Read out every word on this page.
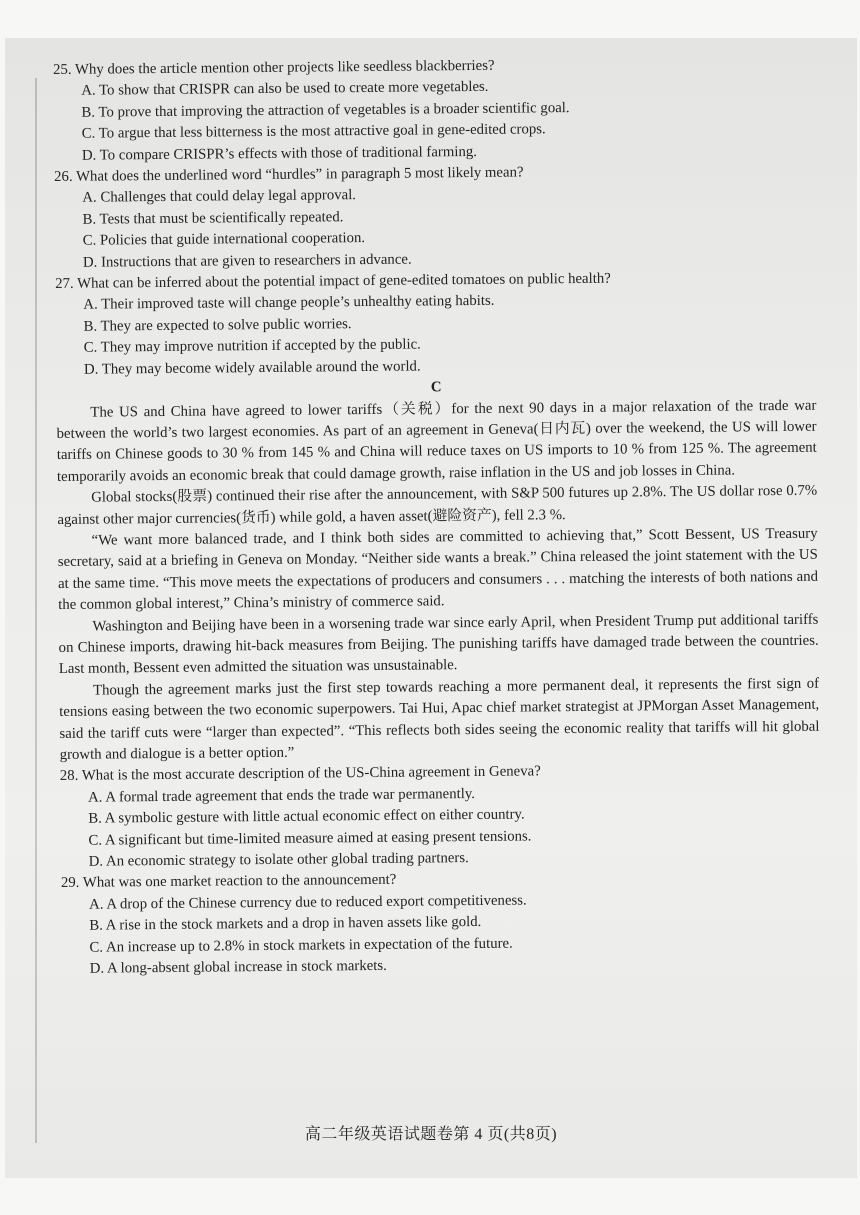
25. Why does the article mention other projects like seedless blackberries?

A. To show that CRISPR can also be used to create more vegetables.

B. To prove that improving the attraction of vegetables is a broader scientific goal.

C. To argue that less bitterness is the most attractive goal in gene-edited crops.

D. To compare CRISPR’s effects with those of traditional farming.

26. What does the underlined word “hurdles” in paragraph 5 most likely mean?

A. Challenges that could delay legal approval.

B. Tests that must be scientifically repeated.

C. Policies that guide international cooperation.

D. Instructions that are given to researchers in advance.

27. What can be inferred about the potential impact of gene-edited tomatoes on public health?

A. Their improved taste will change people’s unhealthy eating habits.

B. They are expected to solve public worries.

C. They may improve nutrition if accepted by the public.

D. They may become widely available around the world.

C

The US and China have agreed to lower tariffs（关税）for the next 90 days in a major relaxation of the trade war between the world’s two largest economies. As part of an agreement in Geneva(日内瓦) over the weekend, the US will lower tariffs on Chinese goods to 30 % from 145 % and China will reduce taxes on US imports to 10 % from 125 %. The agreement temporarily avoids an economic break that could damage growth, raise inflation in the US and job losses in China.

Global stocks(股票) continued their rise after the announcement, with S&P 500 futures up 2.8%. The US dollar rose 0.7% against other major currencies(货币) while gold, a haven asset(避险资产), fell 2.3 %.

“We want more balanced trade, and I think both sides are committed to achieving that,” Scott Bessent, US Treasury secretary, said at a briefing in Geneva on Monday. “Neither side wants a break.” China released the joint statement with the US at the same time. “This move meets the expectations of producers and consumers . . . matching the interests of both nations and the common global interest,” China’s ministry of commerce said.

Washington and Beijing have been in a worsening trade war since early April, when President Trump put additional tariffs on Chinese imports, drawing hit-back measures from Beijing. The punishing tariffs have damaged trade between the countries. Last month, Bessent even admitted the situation was unsustainable.

Though the agreement marks just the first step towards reaching a more permanent deal, it represents the first sign of tensions easing between the two economic superpowers. Tai Hui, Apac chief market strategist at JPMorgan Asset Management, said the tariff cuts were “larger than expected”. “This reflects both sides seeing the economic reality that tariffs will hit global growth and dialogue is a better option.”

28. What is the most accurate description of the US-China agreement in Geneva?

A. A formal trade agreement that ends the trade war permanently.

B. A symbolic gesture with little actual economic effect on either country.

C. A significant but time-limited measure aimed at easing present tensions.

D. An economic strategy to isolate other global trading partners.

29. What was one market reaction to the announcement?

A. A drop of the Chinese currency due to reduced export competitiveness.

B. A rise in the stock markets and a drop in haven assets like gold.

C. An increase up to 2.8% in stock markets in expectation of the future.

D. A long-absent global increase in stock markets.

高二年级英语试题卷第 4 页(共8页)
